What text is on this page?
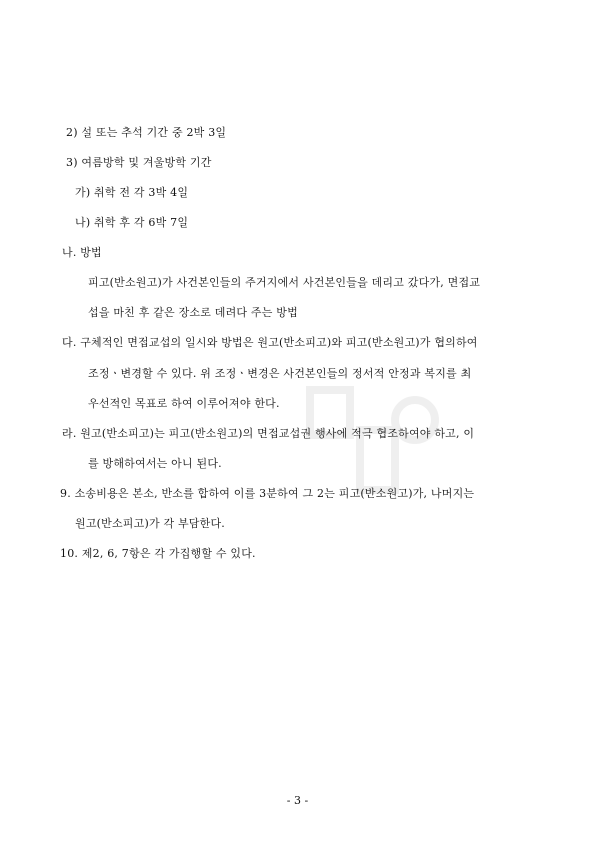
2) 설 또는 추석 기간 중 2박 3일
3) 여름방학 및 겨울방학 기간
가) 취학 전 각 3박 4일
나) 취학 후 각 6박 7일
나. 방법
피고(반소원고)가 사건본인들의 주거지에서 사건본인들을 데리고 갔다가, 면접교
섭을 마친 후 같은 장소로 데려다 주는 방법
다. 구체적인 면접교섭의 일시와 방법은 원고(반소피고)와 피고(반소원고)가 협의하여
조정ㆍ변경할 수 있다. 위 조정ㆍ변경은 사건본인들의 정서적 안정과 복지를 최
우선적인 목표로 하여 이루어져야 한다.
라. 원고(반소피고)는 피고(반소원고)의 면접교섭권 행사에 적극 협조하여야 하고, 이
를 방해하여서는 아니 된다.
9. 소송비용은 본소, 반소를 합하여 이를 3분하여 그 2는 피고(반소원고)가, 나머지는
원고(반소피고)가 각 부담한다.
10. 제2, 6, 7항은 각 가집행할 수 있다.
- 3 -
